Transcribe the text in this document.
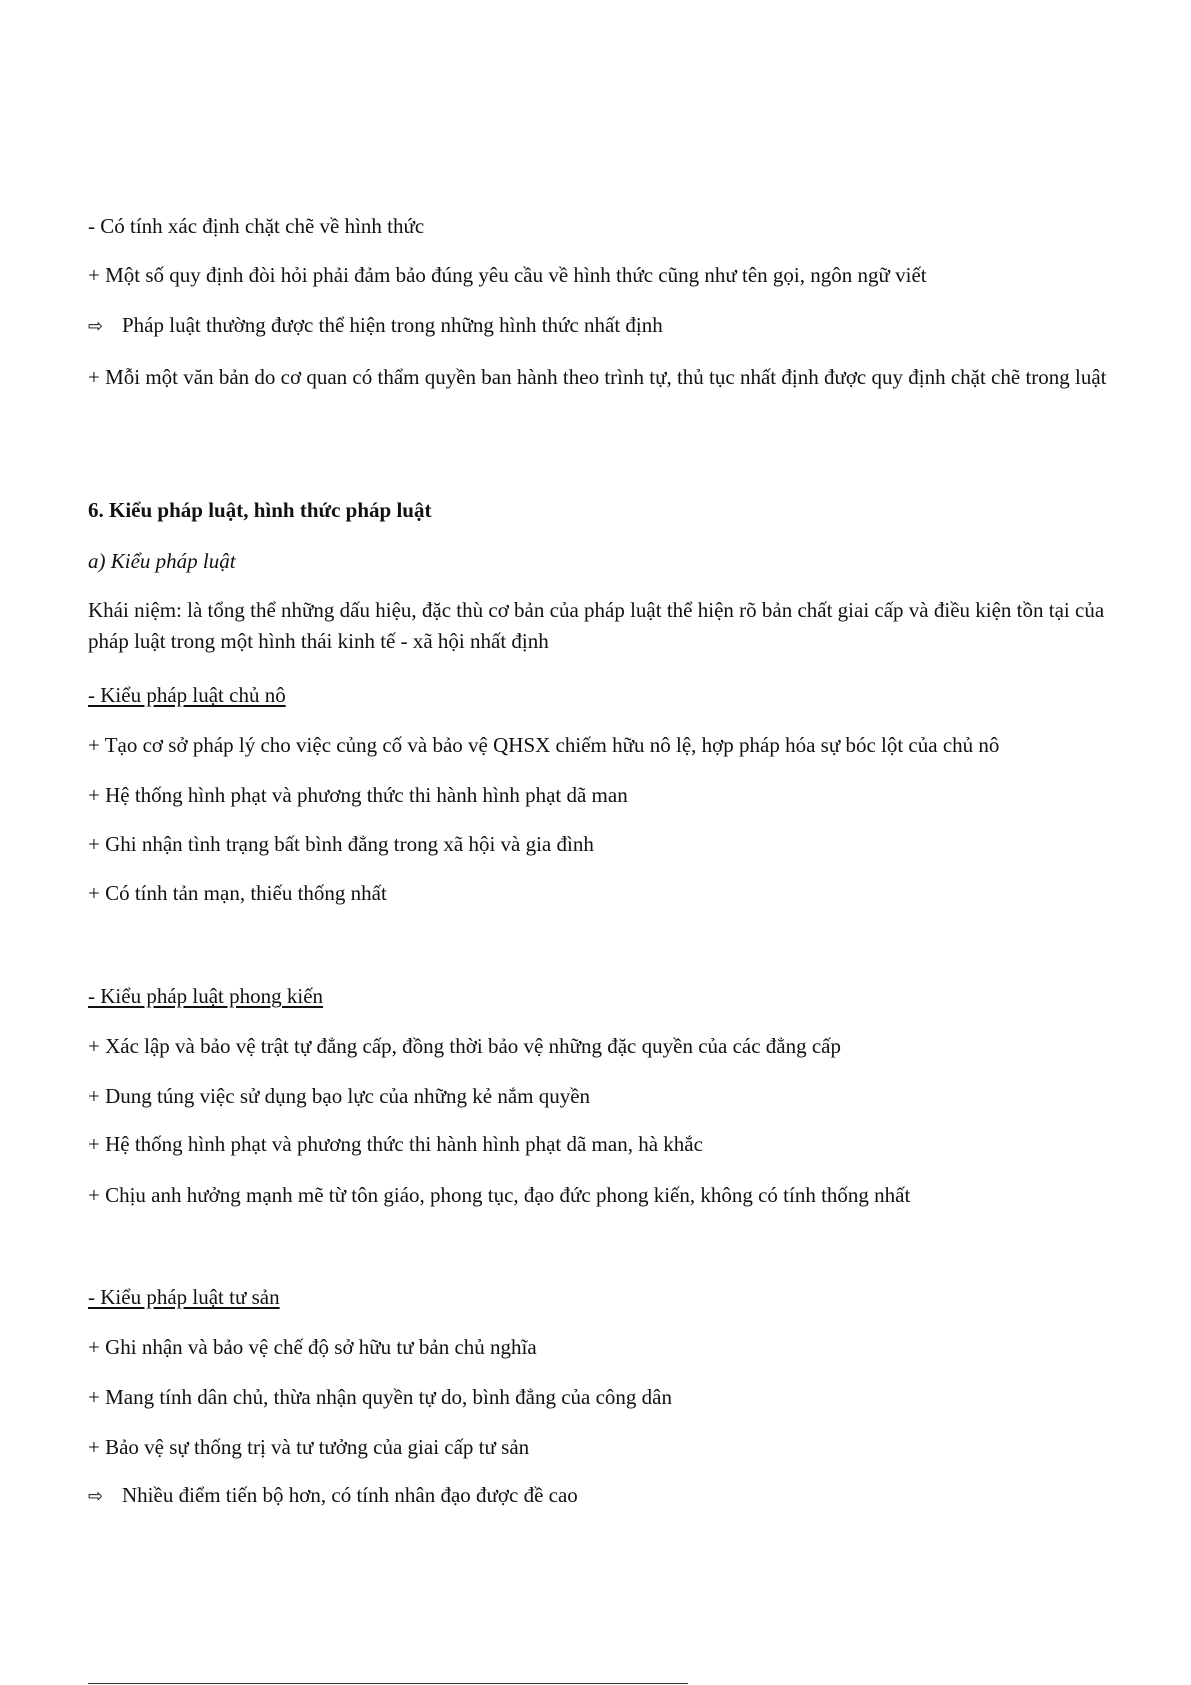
- Có tính xác định chặt chẽ về hình thức
+ Một số quy định đòi hỏi phải đảm bảo đúng yêu cầu về hình thức cũng như tên gọi, ngôn ngữ viết
⇨ Pháp luật thường được thể hiện trong những hình thức nhất định
+ Mỗi một văn bản do cơ quan có thẩm quyền ban hành theo trình tự, thủ tục nhất định được quy định chặt chẽ trong luật
6. Kiểu pháp luật, hình thức pháp luật
a) Kiểu pháp luật
Khái niệm: là tổng thể những dấu hiệu, đặc thù cơ bản của pháp luật thể hiện rõ bản chất giai cấp và điều kiện tồn tại của pháp luật trong một hình thái kinh tế - xã hội nhất định
- Kiểu pháp luật chủ nô
+ Tạo cơ sở pháp lý cho việc củng cố và bảo vệ QHSX chiếm hữu nô lệ, hợp pháp hóa sự bóc lột của chủ nô
+ Hệ thống hình phạt và phương thức thi hành hình phạt dã man
+ Ghi nhận tình trạng bất bình đẳng trong xã hội và gia đình
+ Có tính tản mạn, thiếu thống nhất
- Kiểu pháp luật phong kiến
+ Xác lập và bảo vệ trật tự đẳng cấp, đồng thời bảo vệ những đặc quyền của các đẳng cấp
+ Dung túng việc sử dụng bạo lực của những kẻ nắm quyền
+ Hệ thống hình phạt và phương thức thi hành hình phạt dã man, hà khắc
+ Chịu anh hưởng mạnh mẽ từ tôn giáo, phong tục, đạo đức phong kiến, không có tính thống nhất
- Kiểu pháp luật tư sản
+ Ghi nhận và bảo vệ chế độ sở hữu tư bản chủ nghĩa
+ Mang tính dân chủ, thừa nhận quyền tự do, bình đẳng của công dân
+ Bảo vệ sự thống trị và tư tưởng của giai cấp tư sản
⇨ Nhiều điểm tiến bộ hơn, có tính nhân đạo được đề cao
